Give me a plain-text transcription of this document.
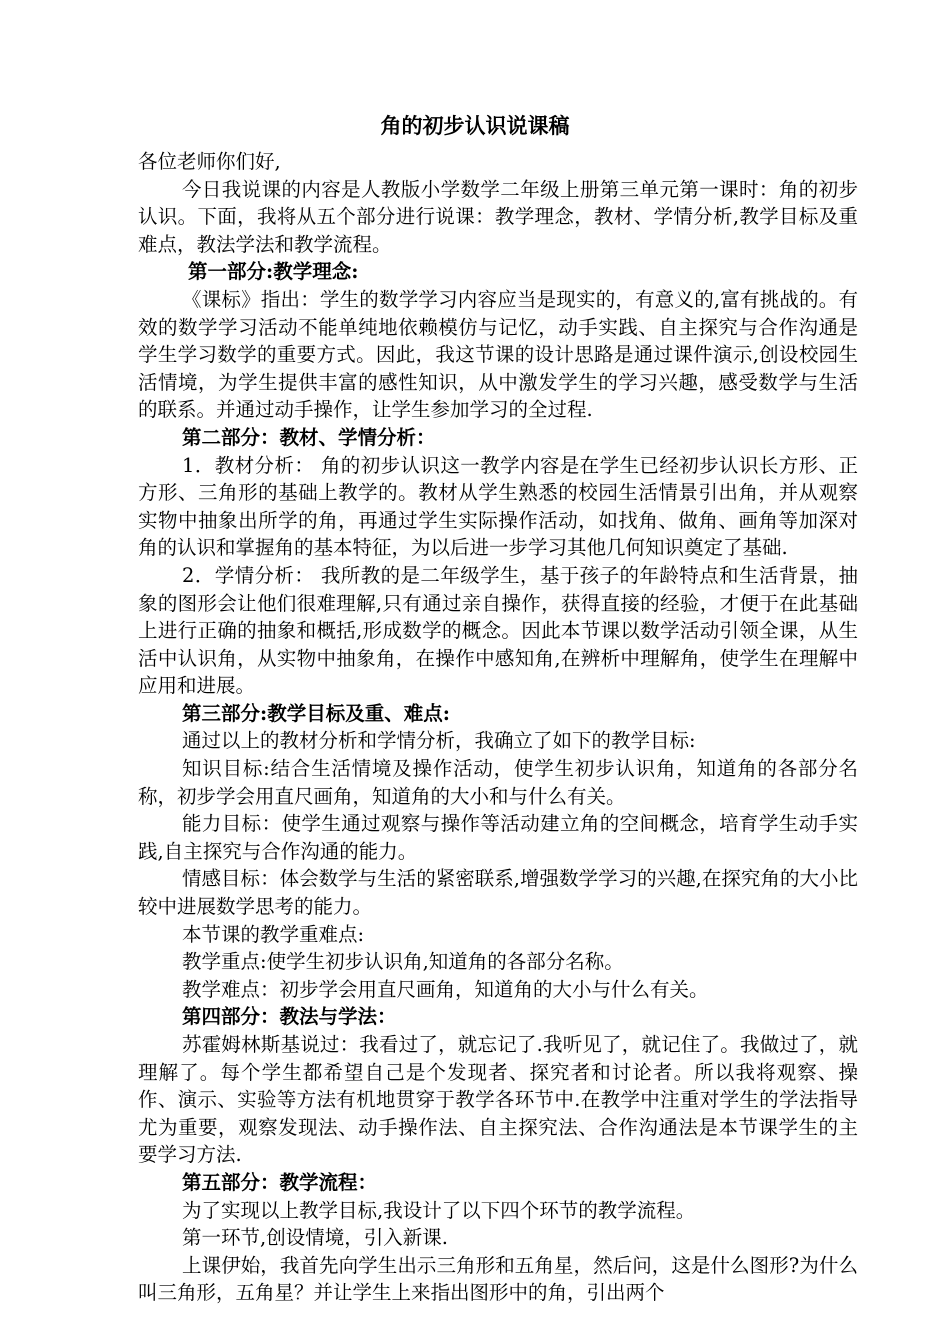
角的初步认识说课稿

各位老师你们好,

今日我说课的内容是人教版小学数学二年级上册第三单元第一课时：角的初步认识。下面，我将从五个部分进行说课：教学理念，教材、学情分析,教学目标及重难点，教法学法和教学流程。

第一部分:教学理念:

《课标》指出：学生的数学学习内容应当是现实的，有意义的,富有挑战的。有效的数学学习活动不能单纯地依赖模仿与记忆，动手实践、自主探究与合作沟通是学生学习数学的重要方式。因此，我这节课的设计思路是通过课件演示,创设校园生活情境，为学生提供丰富的感性知识，从中激发学生的学习兴趣，感受数学与生活的联系。并通过动手操作，让学生参加学习的全过程.

第二部分：教材、学情分析：

1．教材分析： 角的初步认识这一教学内容是在学生已经初步认识长方形、正方形、三角形的基础上教学的。教材从学生熟悉的校园生活情景引出角，并从观察实物中抽象出所学的角，再通过学生实际操作活动，如找角、做角、画角等加深对角的认识和掌握角的基本特征，为以后进一步学习其他几何知识奠定了基础.

2．学情分析： 我所教的是二年级学生，基于孩子的年龄特点和生活背景，抽象的图形会让他们很难理解,只有通过亲自操作，获得直接的经验，才便于在此基础上进行正确的抽象和概括,形成数学的概念。因此本节课以数学活动引领全课，从生活中认识角，从实物中抽象角，在操作中感知角,在辨析中理解角，使学生在理解中应用和进展。

第三部分:教学目标及重、难点:

通过以上的教材分析和学情分析，我确立了如下的教学目标:

知识目标:结合生活情境及操作活动，使学生初步认识角，知道角的各部分名称，初步学会用直尺画角，知道角的大小和与什么有关。

能力目标：使学生通过观察与操作等活动建立角的空间概念，培育学生动手实践,自主探究与合作沟通的能力。

情感目标：体会数学与生活的紧密联系,增强数学学习的兴趣,在探究角的大小比较中进展数学思考的能力。

本节课的教学重难点:

教学重点:使学生初步认识角,知道角的各部分名称。

教学难点：初步学会用直尺画角，知道角的大小与什么有关。

第四部分：教法与学法：

苏霍姆林斯基说过：我看过了，就忘记了.我听见了，就记住了。我做过了，就理解了。每个学生都希望自己是个发现者、探究者和讨论者。所以我将观察、操作、演示、实验等方法有机地贯穿于教学各环节中.在教学中注重对学生的学法指导尤为重要，观察发现法、动手操作法、自主探究法、合作沟通法是本节课学生的主要学习方法.

第五部分：教学流程：

为了实现以上教学目标,我设计了以下四个环节的教学流程。

第一环节,创设情境，引入新课.

上课伊始，我首先向学生出示三角形和五角星，然后问，这是什么图形?为什么叫三角形，五角星？并让学生上来指出图形中的角，引出两个
